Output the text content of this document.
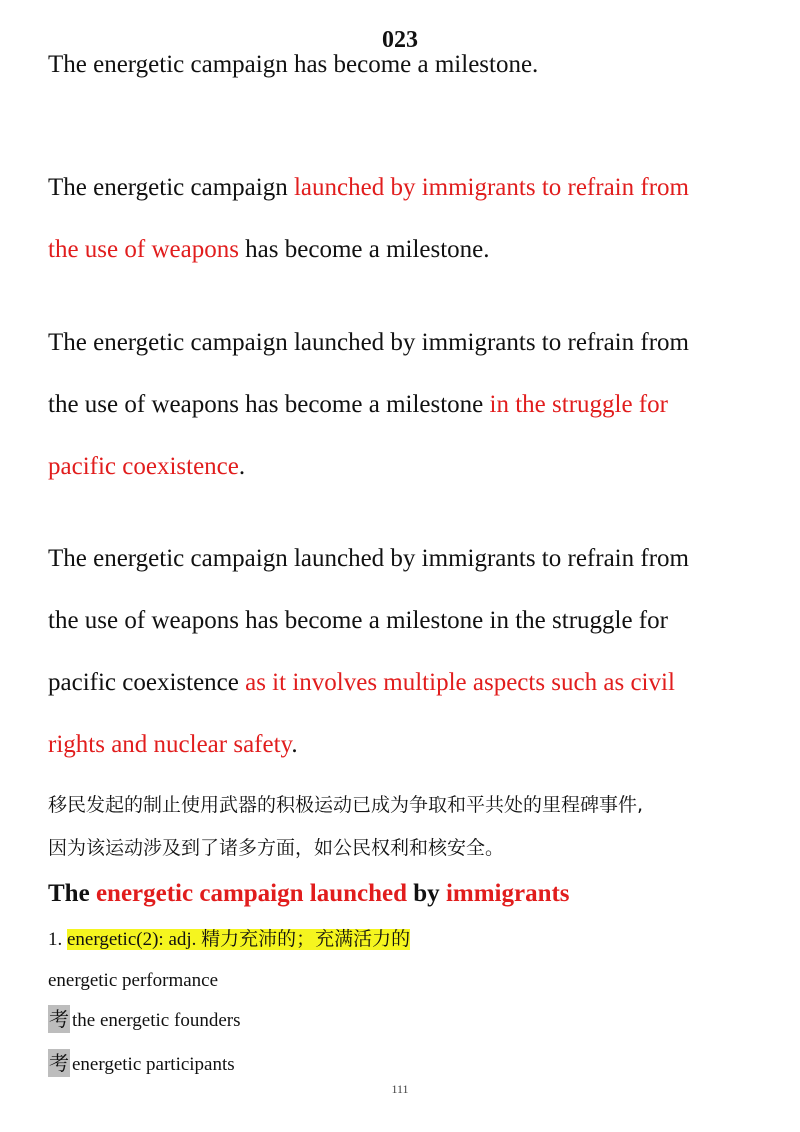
023
The energetic campaign has become a milestone.
The energetic campaign launched by immigrants to refrain from
the use of weapons has become a milestone.
The energetic campaign launched by immigrants to refrain from
the use of weapons has become a milestone in the struggle for
pacific coexistence.
The energetic campaign launched by immigrants to refrain from
the use of weapons has become a milestone in the struggle for
pacific coexistence as it involves multiple aspects such as civil
rights and nuclear safety.
移民发起的制止使用武器的积极运动已成为争取和平共处的里程碑事件,
因为该运动涉及到了诸多方面，如公民权利和核安全。
The energetic campaign launched by immigrants
1. energetic(2): adj. 精力充沛的；充满活力的
energetic performance
考 the energetic founders
考 energetic participants
111
